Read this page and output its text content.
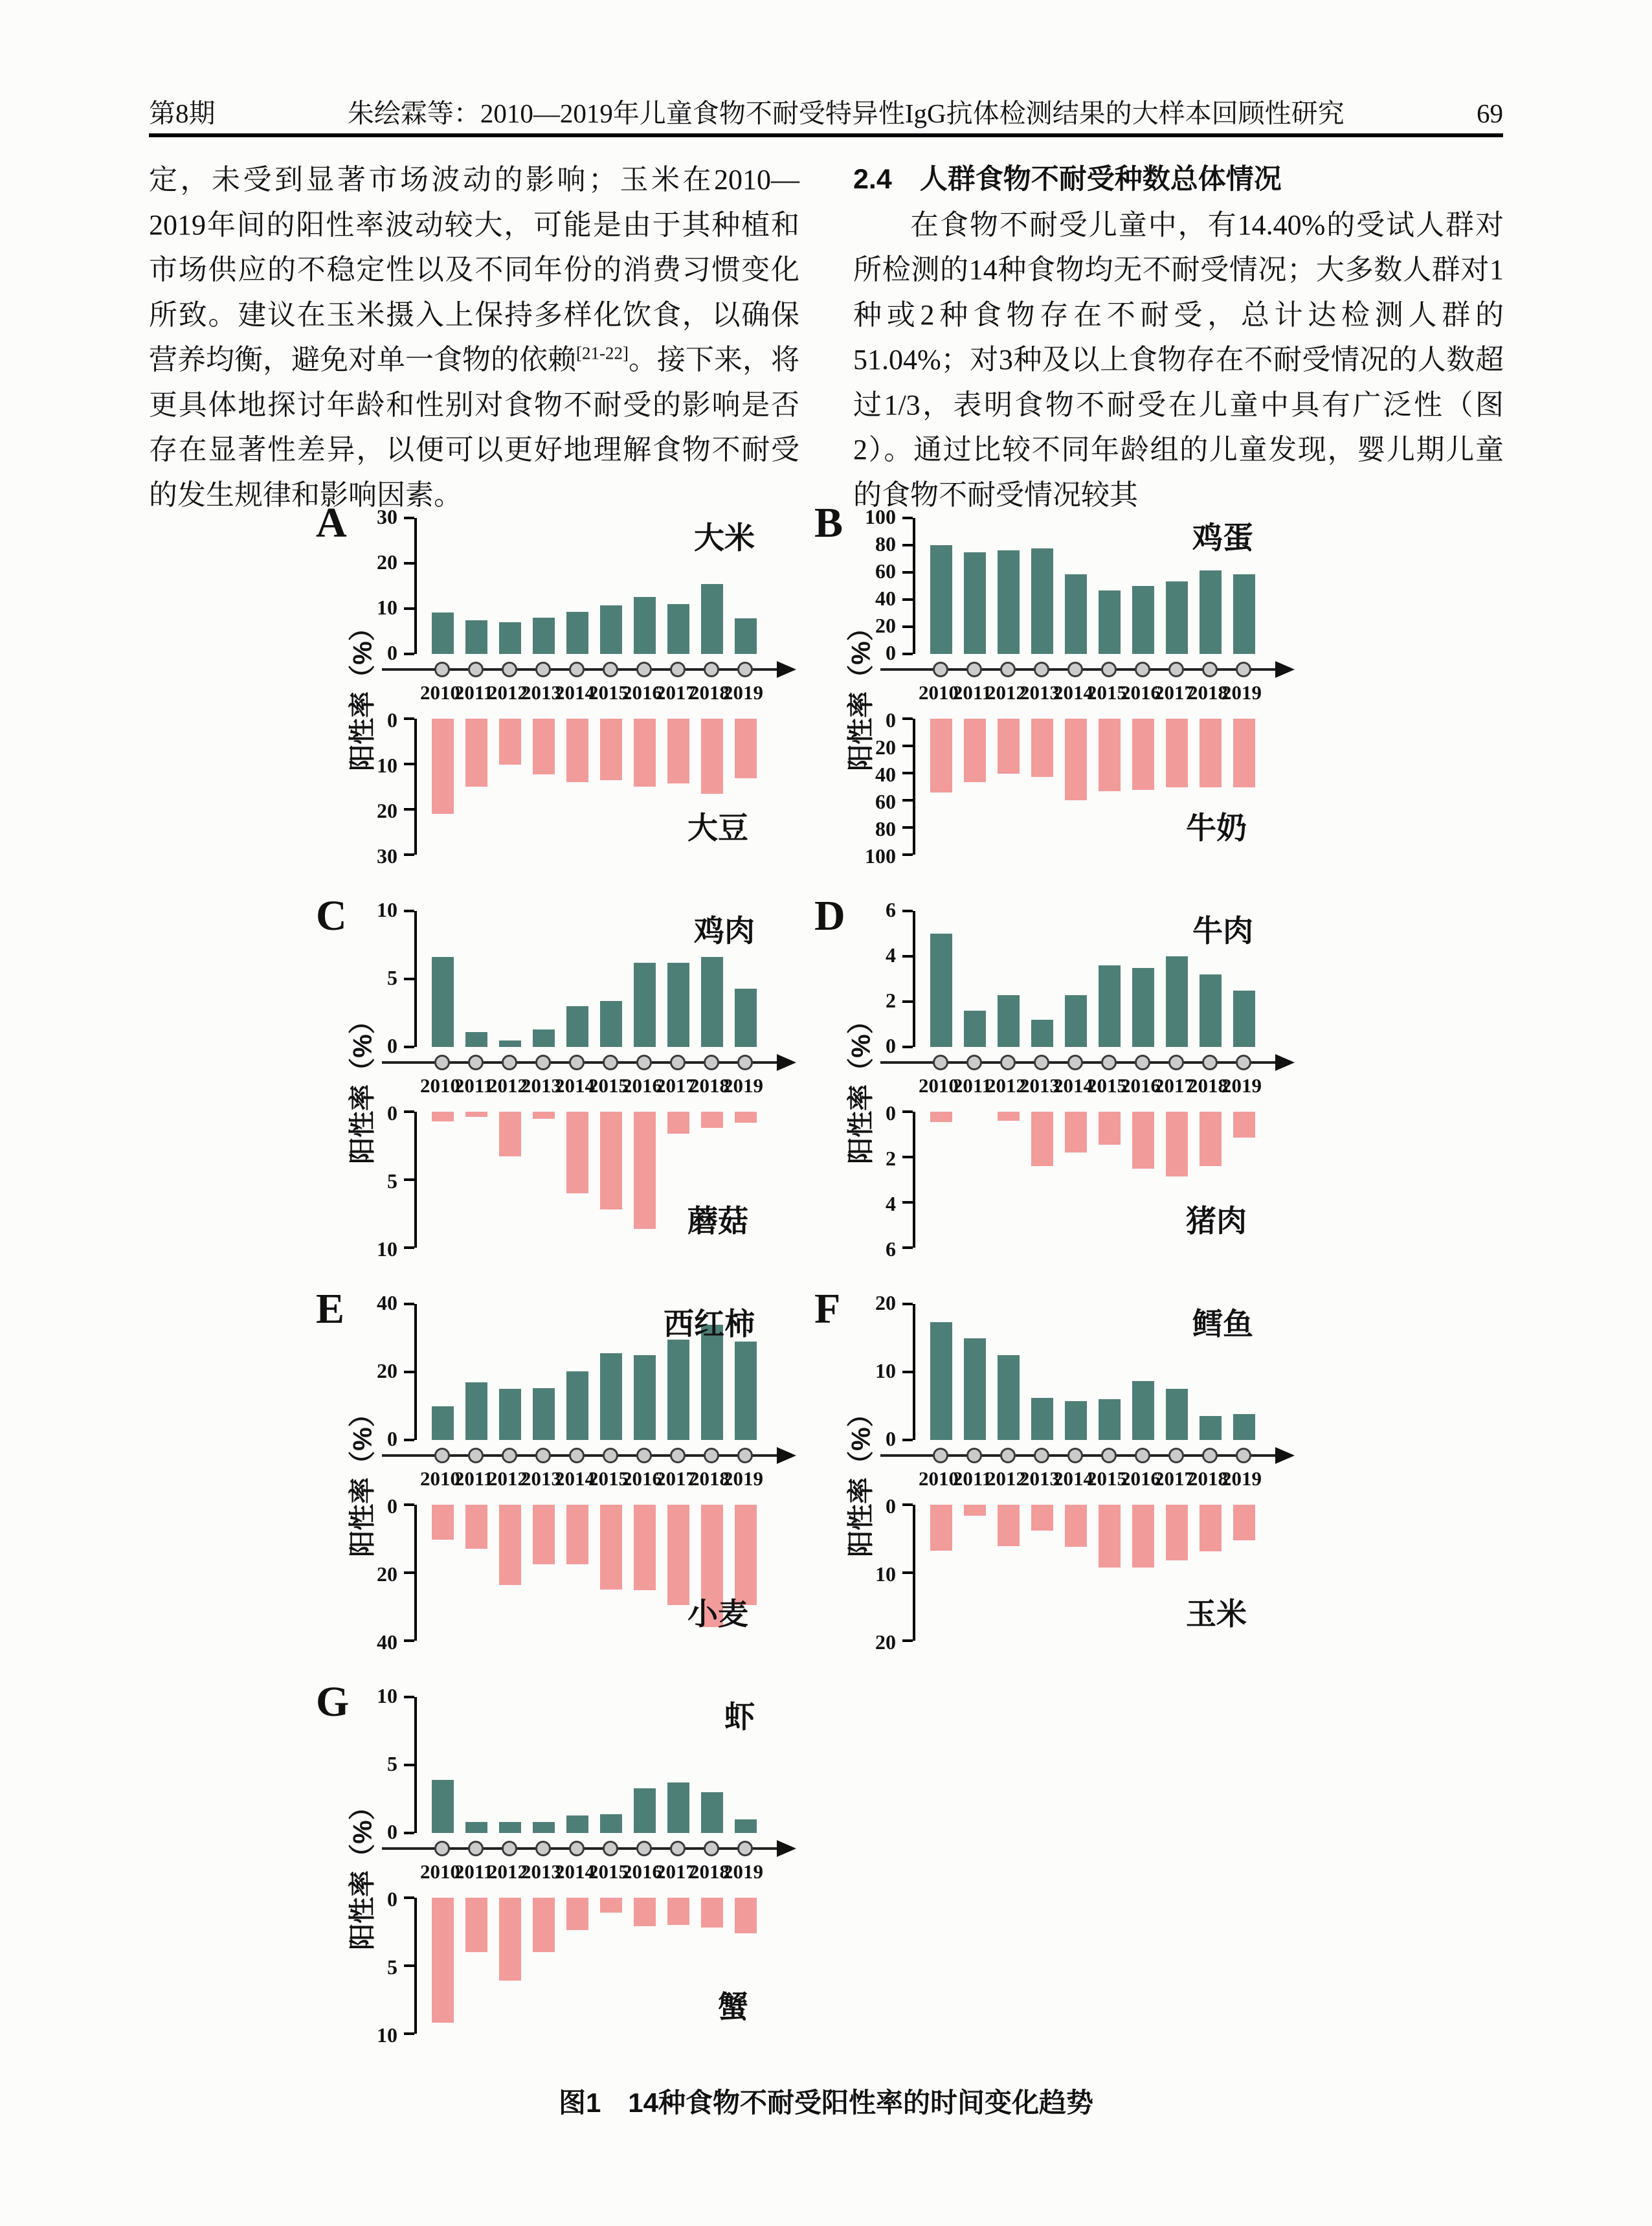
第8期	朱绘霖等：2010—2019年儿童食物不耐受特异性IgG抗体检测结果的大样本回顾性研究	69

定，未受到显著市场波动的影响；玉米在2010—2019年间的阳性率波动较大，可能是由于其种植和市场供应的不稳定性以及不同年份的消费习惯变化所致。建议在玉米摄入上保持多样化饮食，以确保营养均衡，避免对单一食物的依赖[21-22]。接下来，将更具体地探讨年龄和性别对食物不耐受的影响是否存在显著性差异，以便可以更好地理解食物不耐受的发生规律和影响因素。

2.4　人群食物不耐受种数总体情况

在食物不耐受儿童中，有14.40%的受试人群对所检测的14种食物均无不耐受情况；大多数人群对1种或2种食物存在不耐受，总计达检测人群的51.04%；对3种及以上食物存在不耐受情况的人数超过1/3，表明食物不耐受在儿童中具有广泛性（图2）。通过比较不同年龄组的儿童发现，婴儿期儿童的食物不耐受情况较其

A
阳性率（%） 0
10
20
30
大米
0
10
20
30
大豆
2010
2011
2012
2013
2014
2015
2016
2017
2018
2019
B
阳性率（%） 0
20
40
60
80
100
鸡蛋
0
20
40
60
80
100
牛奶
2010
2011
2012
2013
2014
2015
2016
2017
2018
2019
C
阳性率（%） 0
5
10
鸡肉
0
5
10
蘑菇
2010
2011
2012
2013
2014
2015
2016
2017
2018
2019
D
阳性率（%） 0
2
4
6
牛肉
0
2
4
6
猪肉
2010
2011
2012
2013
2014
2015
2016
2017
2018
2019
E
阳性率（%） 0
20
40
西红柿
0
20
40
小麦
2010
2011
2012
2013
2014
2015
2016
2017
2018
2019
F
阳性率（%） 0
10
20
鳕鱼
0
10
20
玉米
2010
2011
2012
2013
2014
2015
2016
2017
2018
2019
G
阳性率（%） 0
5
10
虾
0
5
10
蟹
2010
2011
2012
2013
2014
2015
2016
2017
2018
2019
图1　14种食物不耐受阳性率的时间变化趋势
